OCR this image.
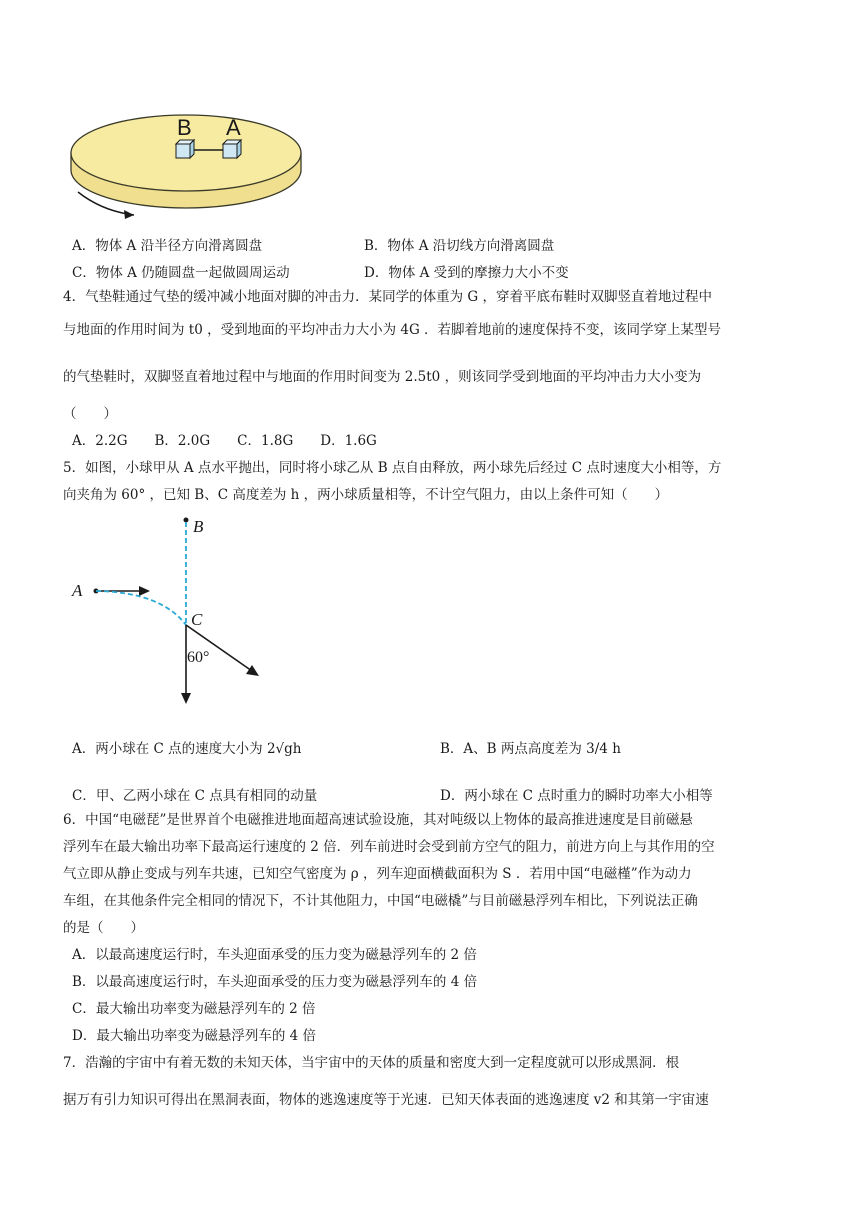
B A
A．物体 A 沿半径方向滑离圆盘	B．物体 A 沿切线方向滑离圆盘
C．物体 A 仍随圆盘一起做圆周运动	D．物体 A 受到的摩擦力大小不变
4．气垫鞋通过气垫的缓冲减小地面对脚的冲击力．某同学的体重为 G ，穿着平底布鞋时双脚竖直着地过程中
与地面的作用时间为 t0 ，受到地面的平均冲击力大小为 4G ．若脚着地前的速度保持不变，该同学穿上某型号
的气垫鞋时，双脚竖直着地过程中与地面的作用时间变为 2.5t0 ，则该同学受到地面的平均冲击力大小变为
（　　）
A．2.2G　　B．2.0G　　C．1.8G　　D．1.6G
5．如图，小球甲从 A 点水平抛出，同时将小球乙从 B 点自由释放，两小球先后经过 C 点时速度大小相等，方
向夹角为 60° ，已知 B、C 高度差为 h ，两小球质量相等，不计空气阻力，由以上条件可知（　　）
B
A
C
60°
A．两小球在 C 点的速度大小为 2√gh	B．A、B 两点高度差为 3/4 h
C．甲、乙两小球在 C 点具有相同的动量	D．两小球在 C 点时重力的瞬时功率大小相等
6．中国“电磁琵”是世界首个电磁推进地面超高速试验设施，其对吨级以上物体的最高推进速度是目前磁悬
浮列车在最大输出功率下最高运行速度的 2 倍．列车前进时会受到前方空气的阻力，前进方向上与其作用的空
气立即从静止变成与列车共速，已知空气密度为 ρ ，列车迎面横截面积为 S ．若用中国“电磁槿”作为动力
车组，在其他条件完全相同的情况下，不计其他阻力，中国“电磁橇”与目前磁悬浮列车相比，下列说法正确
的是（　　）
A．以最高速度运行时，车头迎面承受的压力变为磁悬浮列车的 2 倍
B．以最高速度运行时，车头迎面承受的压力变为磁悬浮列车的 4 倍
C．最大输出功率变为磁悬浮列车的 2 倍
D．最大输出功率变为磁悬浮列车的 4 倍
7．浩瀚的宇宙中有着无数的未知天体，当宇宙中的天体的质量和密度大到一定程度就可以形成黑洞．根
据万有引力知识可得出在黑洞表面，物体的逃逸速度等于光速．已知天体表面的逃逸速度 v2 和其第一宇宙速
